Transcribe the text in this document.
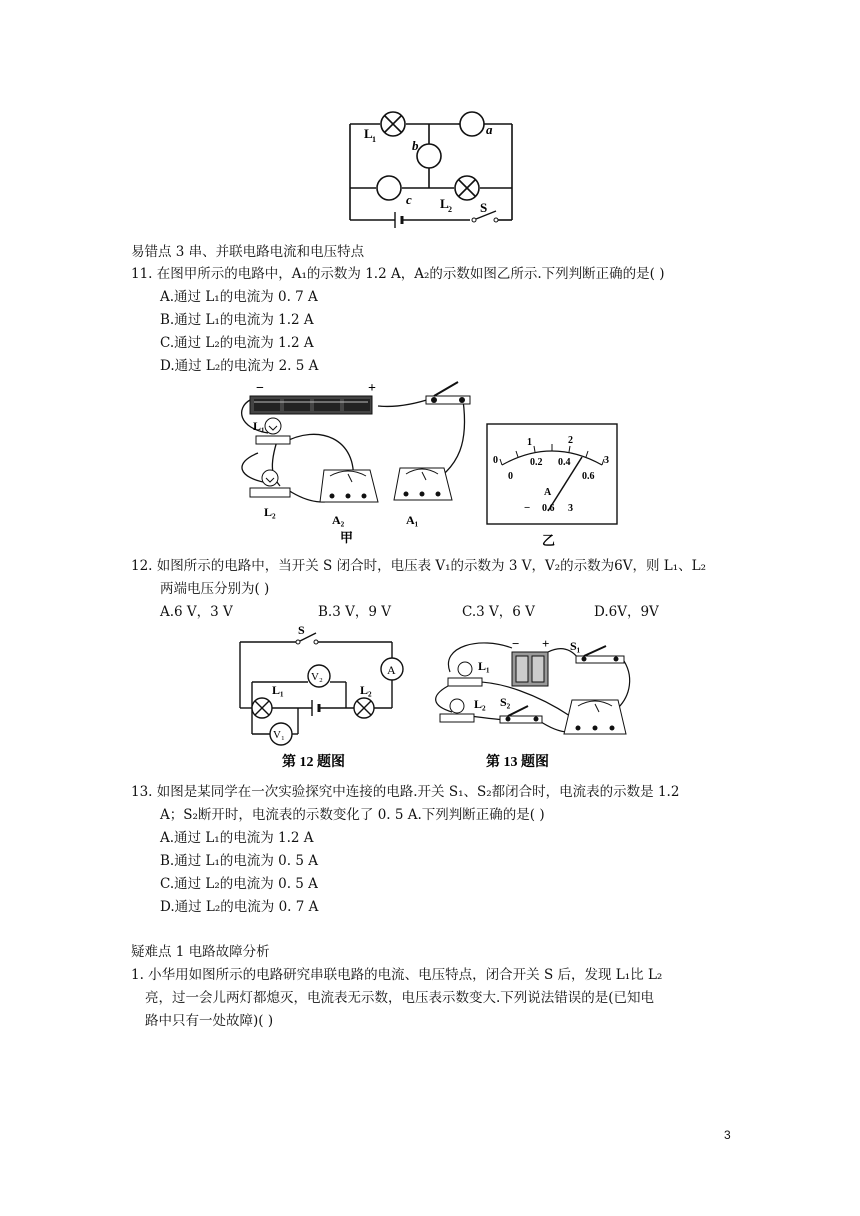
L 1
a
b
c L 2 S
易错点 3 串、并联电路电流和电压特点
11. 在图甲所示的电路中，A₁的示数为 1.2 A，A₂的示数如图乙所示.下列判断正确的是( )
A.通过 L₁的电流为 0. 7 A
B.通过 L₁的电流为 1.2 A
C.通过 L₂的电流为 1.2 A
D.通过 L₂的电流为 2. 5 A
−	+
L₁
L₂
A₂	A₁
甲
0
1	2
3
0
0.2 0.4
0.6
A
− 0.6 3
乙
12. 如图所示的电路中，当开关 S 闭合时，电压表 V₁的示数为 3 V，V₂的示数为6V，则 L₁、L₂
两端电压分别为( )
A.6 V，3 V	B.3 V，9 V	C.3 V，6 V	D.6V，9V
S
A
V₂
L₁	L₂
V₁
第 12 题图
− + S₁
L₁
L₂ S₂
第 13 题图
13. 如图是某同学在一次实验探究中连接的电路.开关 S₁、S₂都闭合时，电流表的示数是 1.2
A；S₂断开时，电流表的示数变化了 0. 5 A.下列判断正确的是( )
A.通过 L₁的电流为 1.2 A
B.通过 L₁的电流为 0. 5 A
C.通过 L₂的电流为 0. 5 A
D.通过 L₂的电流为 0. 7 A
疑难点 1 电路故障分析
1. 小华用如图所示的电路研究串联电路的电流、电压特点，闭合开关 S 后，发现 L₁比 L₂
亮，过一会儿两灯都熄灭，电流表无示数，电压表示数变大.下列说法错误的是(已知电
路中只有一处故障)( )
3
